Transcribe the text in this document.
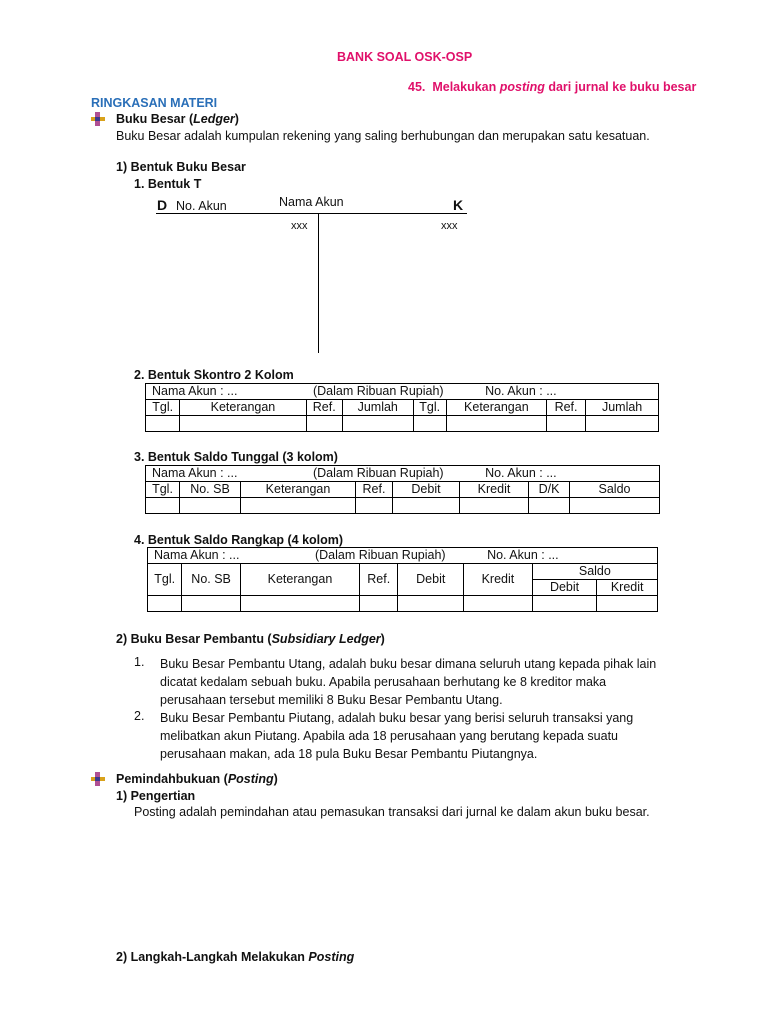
BANK SOAL OSK-OSP
45. Melakukan posting dari jurnal ke buku besar
RINGKASAN MATERI
Buku Besar (Ledger)
Buku Besar adalah kumpulan rekening yang saling berhubungan dan merupakan satu kesatuan.
1) Bentuk Buku Besar
1. Bentuk T
D No. Akun	Nama Akun	K
xxx	xxx
2. Bentuk Skontro 2 Kolom
Nama Akun : ... (Dalam Ribuan Rupiah) No. Akun : ...							
Tgl.	Keterangan	Ref.	Jumlah	Tgl.	Keterangan	Ref.	Jumlah

3. Bentuk Saldo Tunggal (3 kolom)
Nama Akun : ... (Dalam Ribuan Rupiah) No. Akun : ...							
Tgl.	No. SB	Keterangan	Ref.	Debit	Kredit	D/K	Saldo

4. Bentuk Saldo Rangkap (4 kolom)
Nama Akun : ... (Dalam Ribuan Rupiah) No. Akun : ...							
Tgl.	No. SB	Keterangan	Ref.	Debit	Kredit	Saldo	
						Debit	Kredit

2) Buku Besar Pembantu (Subsidiary Ledger)
1. Buku Besar Pembantu Utang, adalah buku besar dimana seluruh utang kepada pihak lain
dicatat kedalam sebuah buku. Apabila perusahaan berhutang ke 8 kreditor maka
perusahaan tersebut memiliki 8 Buku Besar Pembantu Utang.
2. Buku Besar Pembantu Piutang, adalah buku besar yang berisi seluruh transaksi yang
melibatkan akun Piutang. Apabila ada 18 perusahaan yang berutang kepada suatu
perusahaan makan, ada 18 pula Buku Besar Pembantu Piutangnya.
Pemindahbukuan (Posting)
1) Pengertian
Posting adalah pemindahan atau pemasukan transaksi dari jurnal ke dalam akun buku besar.
2) Langkah-Langkah Melakukan Posting
